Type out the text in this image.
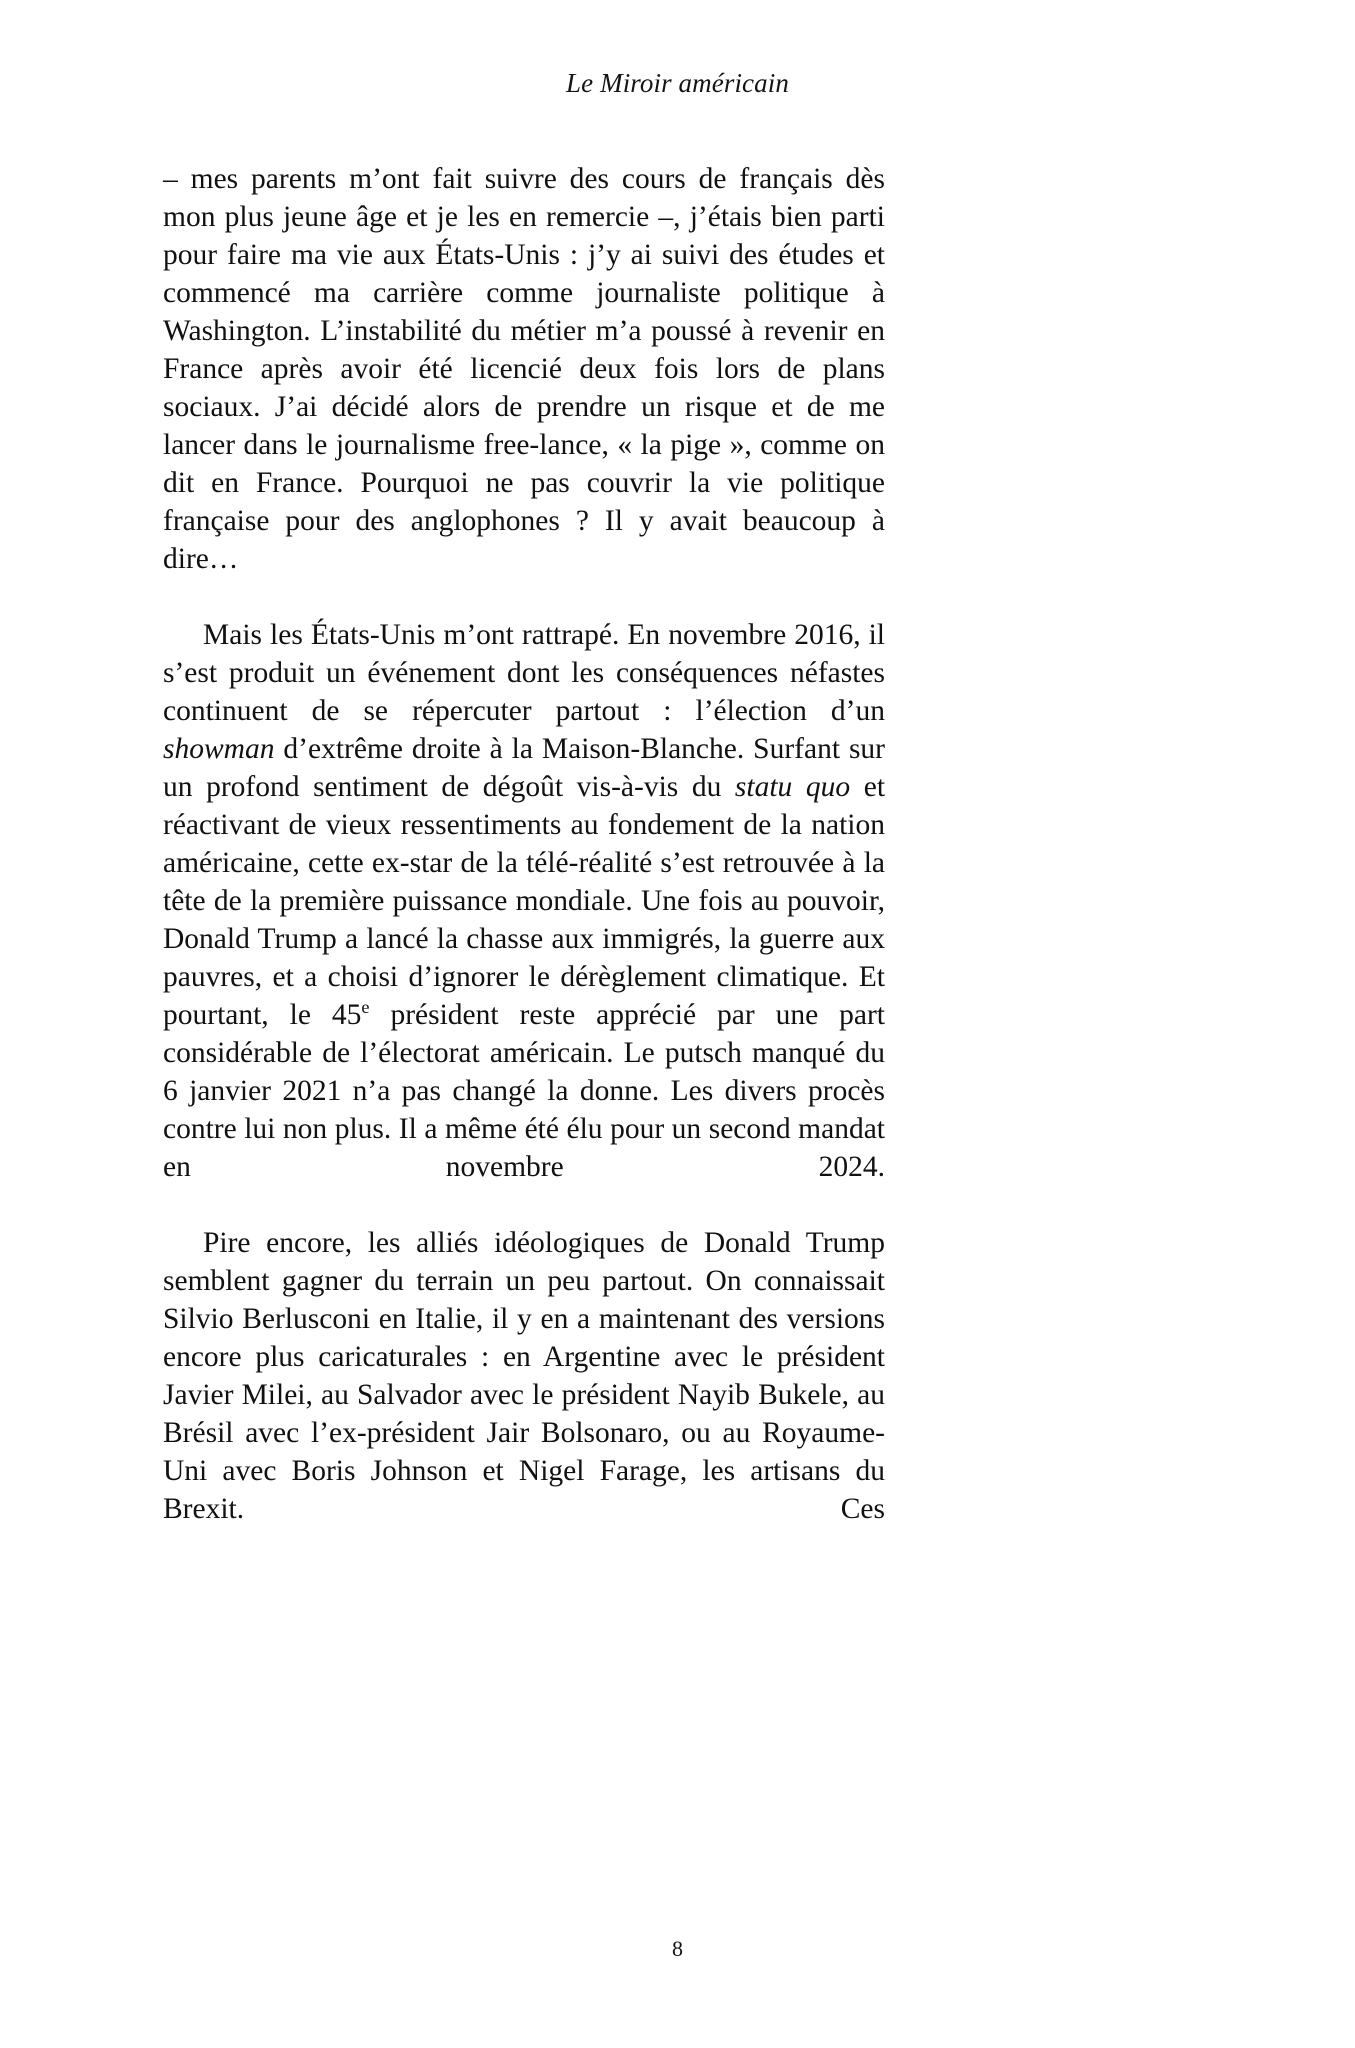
Le Miroir américain

– mes parents m’ont fait suivre des cours de français dès mon plus jeune âge et je les en remercie –, j’étais bien parti pour faire ma vie aux États-Unis : j’y ai suivi des études et commencé ma carrière comme journaliste politique à Washington. L’instabilité du métier m’a poussé à revenir en France après avoir été licencié deux fois lors de plans sociaux. J’ai décidé alors de prendre un risque et de me lancer dans le journalisme free-lance, « la pige », comme on dit en France. Pourquoi ne pas couvrir la vie politique française pour des anglophones ? Il y avait beaucoup à dire…

Mais les États-Unis m’ont rattrapé. En novembre 2016, il s’est produit un événement dont les conséquences néfastes continuent de se répercuter partout : l’élection d’un showman d’extrême droite à la Maison-Blanche. Surfant sur un profond sentiment de dégoût vis-à-vis du statu quo et réactivant de vieux ressentiments au fondement de la nation américaine, cette ex-star de la télé-réalité s’est retrouvée à la tête de la première puissance mondiale. Une fois au pouvoir, Donald Trump a lancé la chasse aux immigrés, la guerre aux pauvres, et a choisi d’ignorer le dérèglement climatique. Et pourtant, le 45e président reste apprécié par une part considérable de l’électorat américain. Le putsch manqué du 6 janvier 2021 n’a pas changé la donne. Les divers procès contre lui non plus. Il a même été élu pour un second mandat en novembre 2024.

Pire encore, les alliés idéologiques de Donald Trump semblent gagner du terrain un peu partout. On connaissait Silvio Berlusconi en Italie, il y en a maintenant des versions encore plus caricaturales : en Argentine avec le président Javier Milei, au Salvador avec le président Nayib Bukele, au Brésil avec l’ex-président Jair Bolsonaro, ou au Royaume-Uni avec Boris Johnson et Nigel Farage, les artisans du Brexit. Ces

8
